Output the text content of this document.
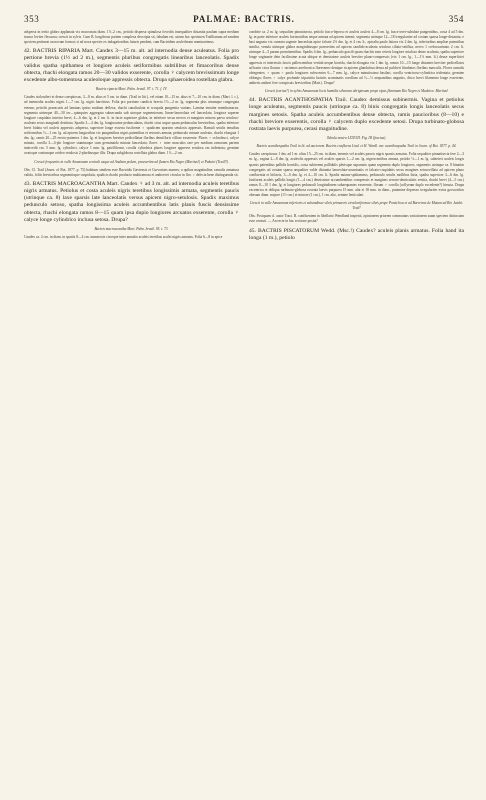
353	PALMAE: BACTRIS.	354

adspersa in tertio glabro applanata vix mucronata diam. 1½–2 cm., petiolo dispersa spinulosa foveolis inaequaliter distantia paulum supra mediam trunco leviter flexuosa; crescit in sylvis. Cum B. longifrons partem complexa descripta sit, fabulam est, utrum hoc specimen Traillianum ad eandem speciem pertineat an novam format; si ad nova species ex indagationibus futuris pendent, cum Bactridem aculeiferam nominavimus.

42. BACTRIS RIPARIA Mart. Candex 3—15 m. alt. ad internodia dense aculeatus. Folia pro pertione brevia (1½ ad 2 m.), segmentis pluribus congregatis linearibus lanceolatis. Spadix validus spatha spithamea et longiore aculeis setiformibus subtilibus et fimacoribus dense obtecta, rhachi elongata ramos 20—30 validos exserente, corolla ♀ calycem brevissimum longe excedente albo-tomentosa aculeoloque appressis obtecta. Drupa sphaeroidea rostellata glabra.

Bactris riparia Mart. Palm. brasil. 97. t. 71. f. IV.

Caudex stoloniferi et dense caespitosus, 3—8 m. altus et 5 cm. in diam. (Trail in litt.), vel etiam 10—15 m. altus et 7—10 cm. in diam. (Mart. l. c.), ad internodia aculeis nigris 1—7 cm. lg. nigris barriticus. Folia pro portione candicis brevia 1½—2 m. lg. segmenta plus utrumque congregata eterum, petiolis praeacutis ad laminas ipsius multum deflexa, rhachi canaliculata et scrupula pungentia varians. Lamina tenuiter membranacea, segmenta utrimque 40—50 ter—quinquies aggregata subsecunda sub utroque segmentorum, linear-lanceolata vel lanceolata, longiora superne longiore cuspidato interior brevi, 4—6 dm. lg. et 2 cm. lt. in facie superiore glabra, in inferiore secus nervos et margines minora parva setuloso-aculeata secus marginali destituta. Spadix 3—4 dm. lg. longiussime pedunculatus, rhachi sicut usque quam pedunculus brevioribus, spatha inferiore brevi bidata vel aculeis appressis adspersa, superiore longe exserta fusiforme ♀ spadicem sparsim setulosis appressis. Ramuli setulis tenuibus setiformibus ½—1 cm. lg. ad apicem longioribus vix pungentibus nigris patentibus et retrorsis armata, pedunculo minute aculeato, rhachi elongata 1 dm. lg.; ramis 20—25 erecto-patentes 1 dm. lg. et longiores breviter pedicellatae floribus densifloris villose exserente. Flores ♂ ochroleuci, calyce minuto, corolla 3—4-plo longiore staminaque cum germinaido minuta lanceolata; flores ♀ inter masculos rare per medium ramorum partem intercedit cm. 5 mm. lg. cylindrici, calyce 1 mm. lg. patelliformi, corolla cylindrica plures longiore appresse setulosa cm tridentata; germine ovatoque coniumque ovideo setulosis 2-pluribusque illis. Drupa subglobosa rostellata glabra diam. 1½—2 cm.

Crescit frequentis in valle Amazonum centrali usque ad Andium pedem, praesertim ad flumen Rio Negro (Martius!) et Pukuiri (Traill!).

Obs. Cl. Trail (Journ. of Bot. 1877. p. 75) habitum similem esse Bactridis Gaviensis et Curvariaes marnes, a quibus magnitudine, ramulis armatura valida, foliis brevioribus segmentisque cuspidatis, spadicis rhachi producto multiramosa et androecei circular in flor. ♀ defecta bene distinguenda sit.

43. BACTRIS MACROACANTHA Mart. Candex ♀ ad 3 m. alt. ad internodia aculeis teretibus nigris armatus. Petiolus et costa aculeis nigris teretibus longissimis armata, segmentis paucis (utrinque ca. 8) laxe sparsis late lanceolatis versus apicem nigro-setulosis. Spadix maximus pedunculo setoso, spatha longissima aculeis accumbentibus latis planis fuscis densissime obtecta, rhachi elongata ramos 8—15 quam ipsa dupio longiores arcuatos exserente, corolla ♀ calyce longe cylindrico inclusa setosa. Drupa?

Bactris macroacantha Mart. Palm. brasil. 95. t. 73.

Caudex ca. 2 cm. in diam. in spatiis 8—4 cm. numerosis circeque inter annulos aculeis teretibus aculei nigris armatus. Folia 6—8 in apice

condrite ca. 2 m. lg. sequaliter pinnatisecta, petiolo fusco-leproso et aculeis aculeis 4—8 cm. lg. fusce teret-subulate pungentibus, costa 4 ad 5 dm. lg. in parte inferiore aculeis horizontibus neque armata ad apicem inermi; segmenta utrinque 12—18 irregulariter ad costam sparsa longe-distantia, e basi angusta vix cuneata sugente lanceolata apice falcate 2½ dm. lg. et 4 cm. lt., apicalia paulo latiora vix 2 dm. lg. inferioribus ampliae patentibus similia, venula utrinque glabra marginibusque praesertim ad apicem candido-aculeata setulosa ciliato-setiflua, nervo 1 crebrocarinato 2 cm. lt. utrinque 4—5 parum prominentibus. Spadix 4 dm. lg., pedunculo gracili quam rhachis eam ceteris longiore setulosa dense aculeata, spatha superiore longe vaginante dein facilissime acuta ubique et densissime aculeis breviter plano-compressis (vix 1 cm. lg., 1—1½ mm. lt.) deuse superficiei appressis et intertextis fuscis pallescentibus veritab neque horrida, rhachi elongata vix 1 dm. lg. ramos 10—15 longe distantes breviter pedicellatos ad basin circa florum ♀ raciemos arrehrosica floreseneo denique in apicem glandulosa densa ad pulcheri fiimbatos floribus masculis. Flores ramulis obtegentes; ♀ quam ♂ paulo longiores rufescentes 6—7 mm. lg., calyce minutissimo basilari, corolla ventricoso-cylindrica tridentata, germine oblongo; flores ♂ calyx profunde tripartitia laciniis acuminatis corollam ad ⅓—½ aequantibus angustis, disco brevi filamenta longe exserente, antheris antheri fere conspicuis brevioribus (Mart.). Drupa?

Crescit (rarius?) in sylvis Amazonum locis humidis silvarum abrigiosum prope ripas fluminum Rio Negro et Madeira: Martius!

44. BACTRIS ACANTHOSPATHA Trail. Caudex demissus subinermis. Vagina et petiolus longe aculeatus, segmentis paucis (utrinque ca. 8) binis congregatis longis lanceolatis secus margines setosis. Spatha aculeis accumbentibus dense obtecta, ramis paucioribus (8—10) e rhachi breviore exserentis, corolla ♀ calycem duplo excedente setosi. Drupa turbinato-globosa rostrata laevis purpurea, cerasi magnitudine.

Tabula nostra LXXVIII. Fig. III (fructus).

Bactris acanthospatha Trail in lit. ad auctorem. Bactris confluens Lind. et H. Wendl. var. acanthospatha Trail in Journ. of Bot. 1877. p. 44.

Caudex caespitosus 1 dm. ad 1 m. altus 15—25 cm. in diam. inermis vel aculeis paucis nigris sparsis armatus. Folia sequaliter pinnatisecta fere 2—3 m. lg., vagina 2—8 dm. lg. aculeolis appressis vel aculeis sparsis 1—2 cm. lg. nigrescentibus armata, petiolo ½—1 m. lg. subteteri aculeis longis sparsis patentibus pallidis horridis, costa subteremi pallidulis plerisque suparunis quam segmenta duplo longiores, segmentis utrinque ca. 8 binatim congregatis ad costam sparsa aequaliter valde distantia lanceolata-acuminatis et falcato-cuspidatis secus margines setosovillata ad apicem plano confluentia et bifixeis, 3—6 dm. lg. et 4—10 cm. lt. Spadix nutans-spithameus, pedunculo setulis mollibus hirta, spatha superiore 3—6 dm. lg. fusiformi aculeis pallidis longis (1—4 cm.) densissime accumbentibus compressis et margines serrato-denticulatis vestita, rhachi brevi (4—5 cm.) ramos 8—10 1 dm. lg. et longiores pedunculi longitudinem subaequantes exserente, florum ♀ corolla (collyeum duplo excedente?) hirsuta. Drupa excentrica et obliqua turbinato-globosa rostrata laevis purpurea 15 mm. alta et 18 mm. in diam., putamine depresso irregulariter extus grossorthos obesum diam. majore (1½ cm.) et minore (1 cm.), 1 cm. alto, semine lenticulari.

Crescit in valle Amazonum inferioris et subandinae silvis primaevis circulariformae silvis prope Ponta boa et ad Barreiras de Mutum ad Rio Jutahi: Trail!

Obs. Postquam cl. autor Tract. B. confluentem in libellario Wendland inspexit, opinionem priorem commutans variationem suam speciem distinctam esse censuit. — An recte in hac sectione posita?

45. BACTRIS PISCATORUM Wedd. (Msc.!) Caudex? aculeis planis armatus. Folia hand ita longa (1 m.), petiolo
